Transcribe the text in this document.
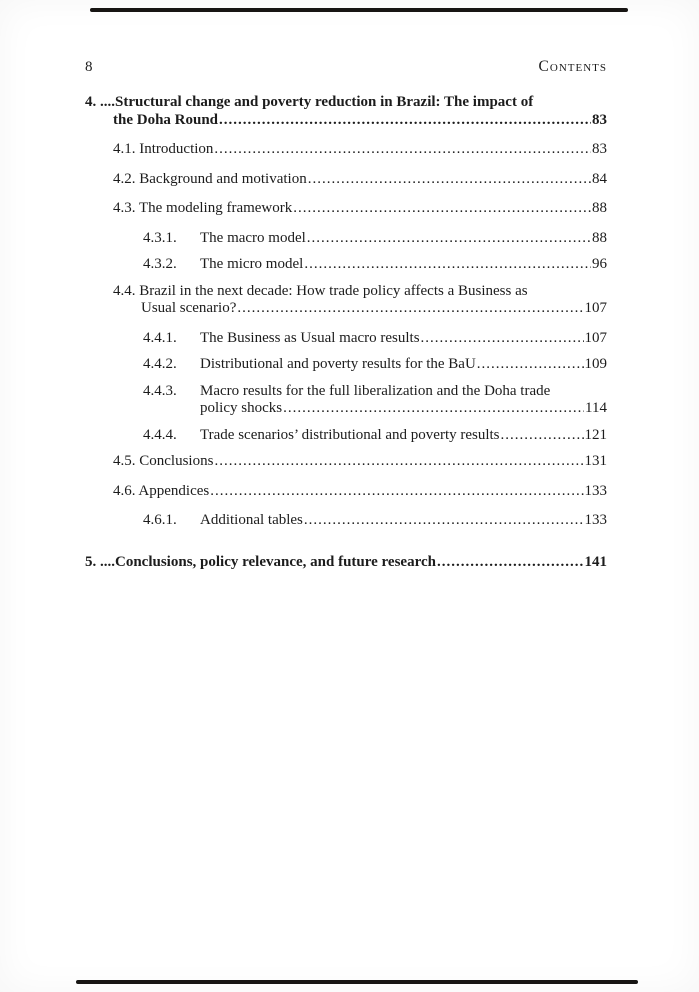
8	Contents
4. ....Structural change and poverty reduction in Brazil: The impact of
the Doha Round .....	83
4.1. Introduction .....	83
4.2. Background and motivation .....	84
4.3. The modeling framework .....	88
4.3.1.	The macro model .....	88
4.3.2.	The micro model .....	96
4.4. Brazil in the next decade: How trade policy affects a Business as
Usual scenario? .....	107
4.4.1.	The Business as Usual macro results .....	107
4.4.2.	Distributional and poverty results for the BaU .....	109
4.4.3.	Macro results for the full liberalization and the Doha trade
policy shocks .....	114
4.4.4.	Trade scenarios’ distributional and poverty results .....	121
4.5. Conclusions .....	131
4.6. Appendices .....	133
4.6.1.	Additional tables .....	133
5. ....Conclusions, policy relevance, and future research .....	141
